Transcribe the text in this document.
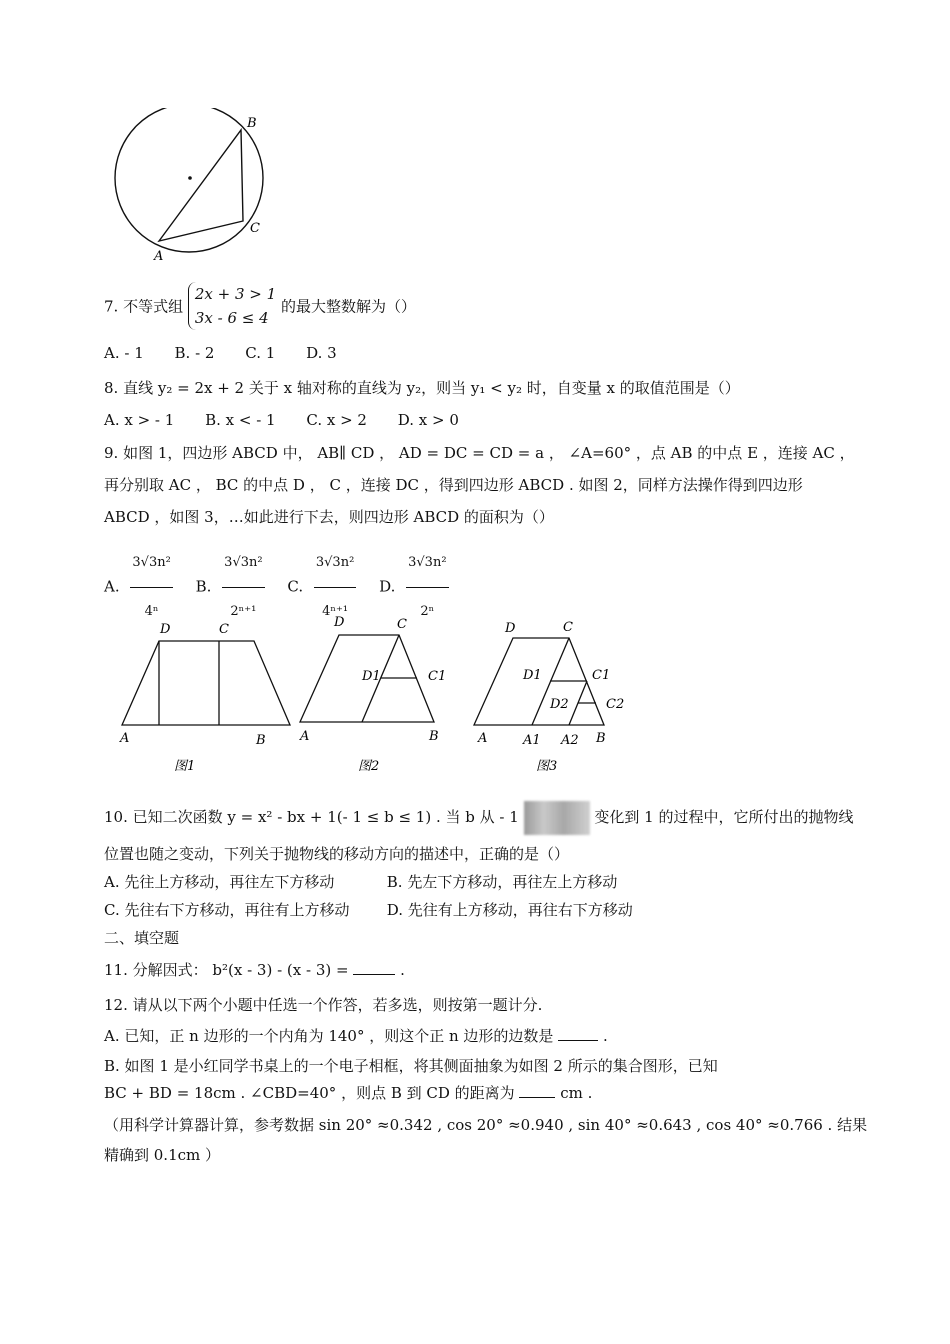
B
C
A
7. 不等式组
2x + 3 > 1
3x - 6 ≤ 4
的最大整数解为（）
A. - 1 B. - 2 C. 1 D. 3
8. 直线 y₂ = 2x + 2 关于 x 轴对称的直线为 y₂，则当 y₁ < y₂ 时，自变量 x 的取值范围是（）
A. x > - 1 B. x < - 1 C. x > 2 D. x > 0
9. 如图 1，四边形 ABCD 中， AB∥ CD ， AD = DC = CD = a ， ∠A=60° ，点 AB 的中点 E ，连接 AC ，
再分别取 AC ， BC 的中点 D ， C ，连接 DC ，得到四边形 ABCD . 如图 2，同样方法操作得到四边形
ABCD ，如图 3，…如此进行下去，则四边形 ABCD 的面积为（）
A. $\frac{\text{3√3n²}}{\text{4ⁿ}} B$. $\frac{\text{3√3n²}}{\text{2ⁿ⁺¹}} C$. $\frac{\text{3√3n²}}{\text{4ⁿ⁺¹}} D$. $\frac{\text{3√3n²}}{\text{2ⁿ}}$
D	C
A	B
图1
D	C
D1	C1
A	B
图2
D	C
D1	C1
D2	C2
A	A1 A2 B
图3
10. 已知二次函数 y = x² - bx + 1(- 1 ≤ b ≤ 1) . 当 b 从 - 1	变化到 1 的过程中，它所付出的抛物线
位置也随之变动，下列关于抛物线的移动方向的描述中，正确的是（）
A. 先往上方移动，再往左下方移动	B. 先左下方移动，再往左上方移动
C. 先往右下方移动，再往有上方移动 D. 先往有上方移动，再往右下方移动
二、填空题
11. 分解因式： b²(x - 3) - (x - 3) =	.
12. 请从以下两个小题中任选一个作答，若多选，则按第一题计分.
A. 已知，正 n 边形的一个内角为 140° ，则这个正 n 边形的边数是	.
B. 如图 1 是小红同学书桌上的一个电子相框，将其侧面抽象为如图 2 所示的集合图形，已知
BC + BD = 18cm . ∠CBD=40° ，则点 B 到 CD 的距离为	cm .
（用科学计算器计算，参考数据 sin 20° ≈0.342 , cos 20° ≈0.940 , sin 40° ≈0.643 , cos 40° ≈0.766 . 结果
精确到 0.1cm ）
